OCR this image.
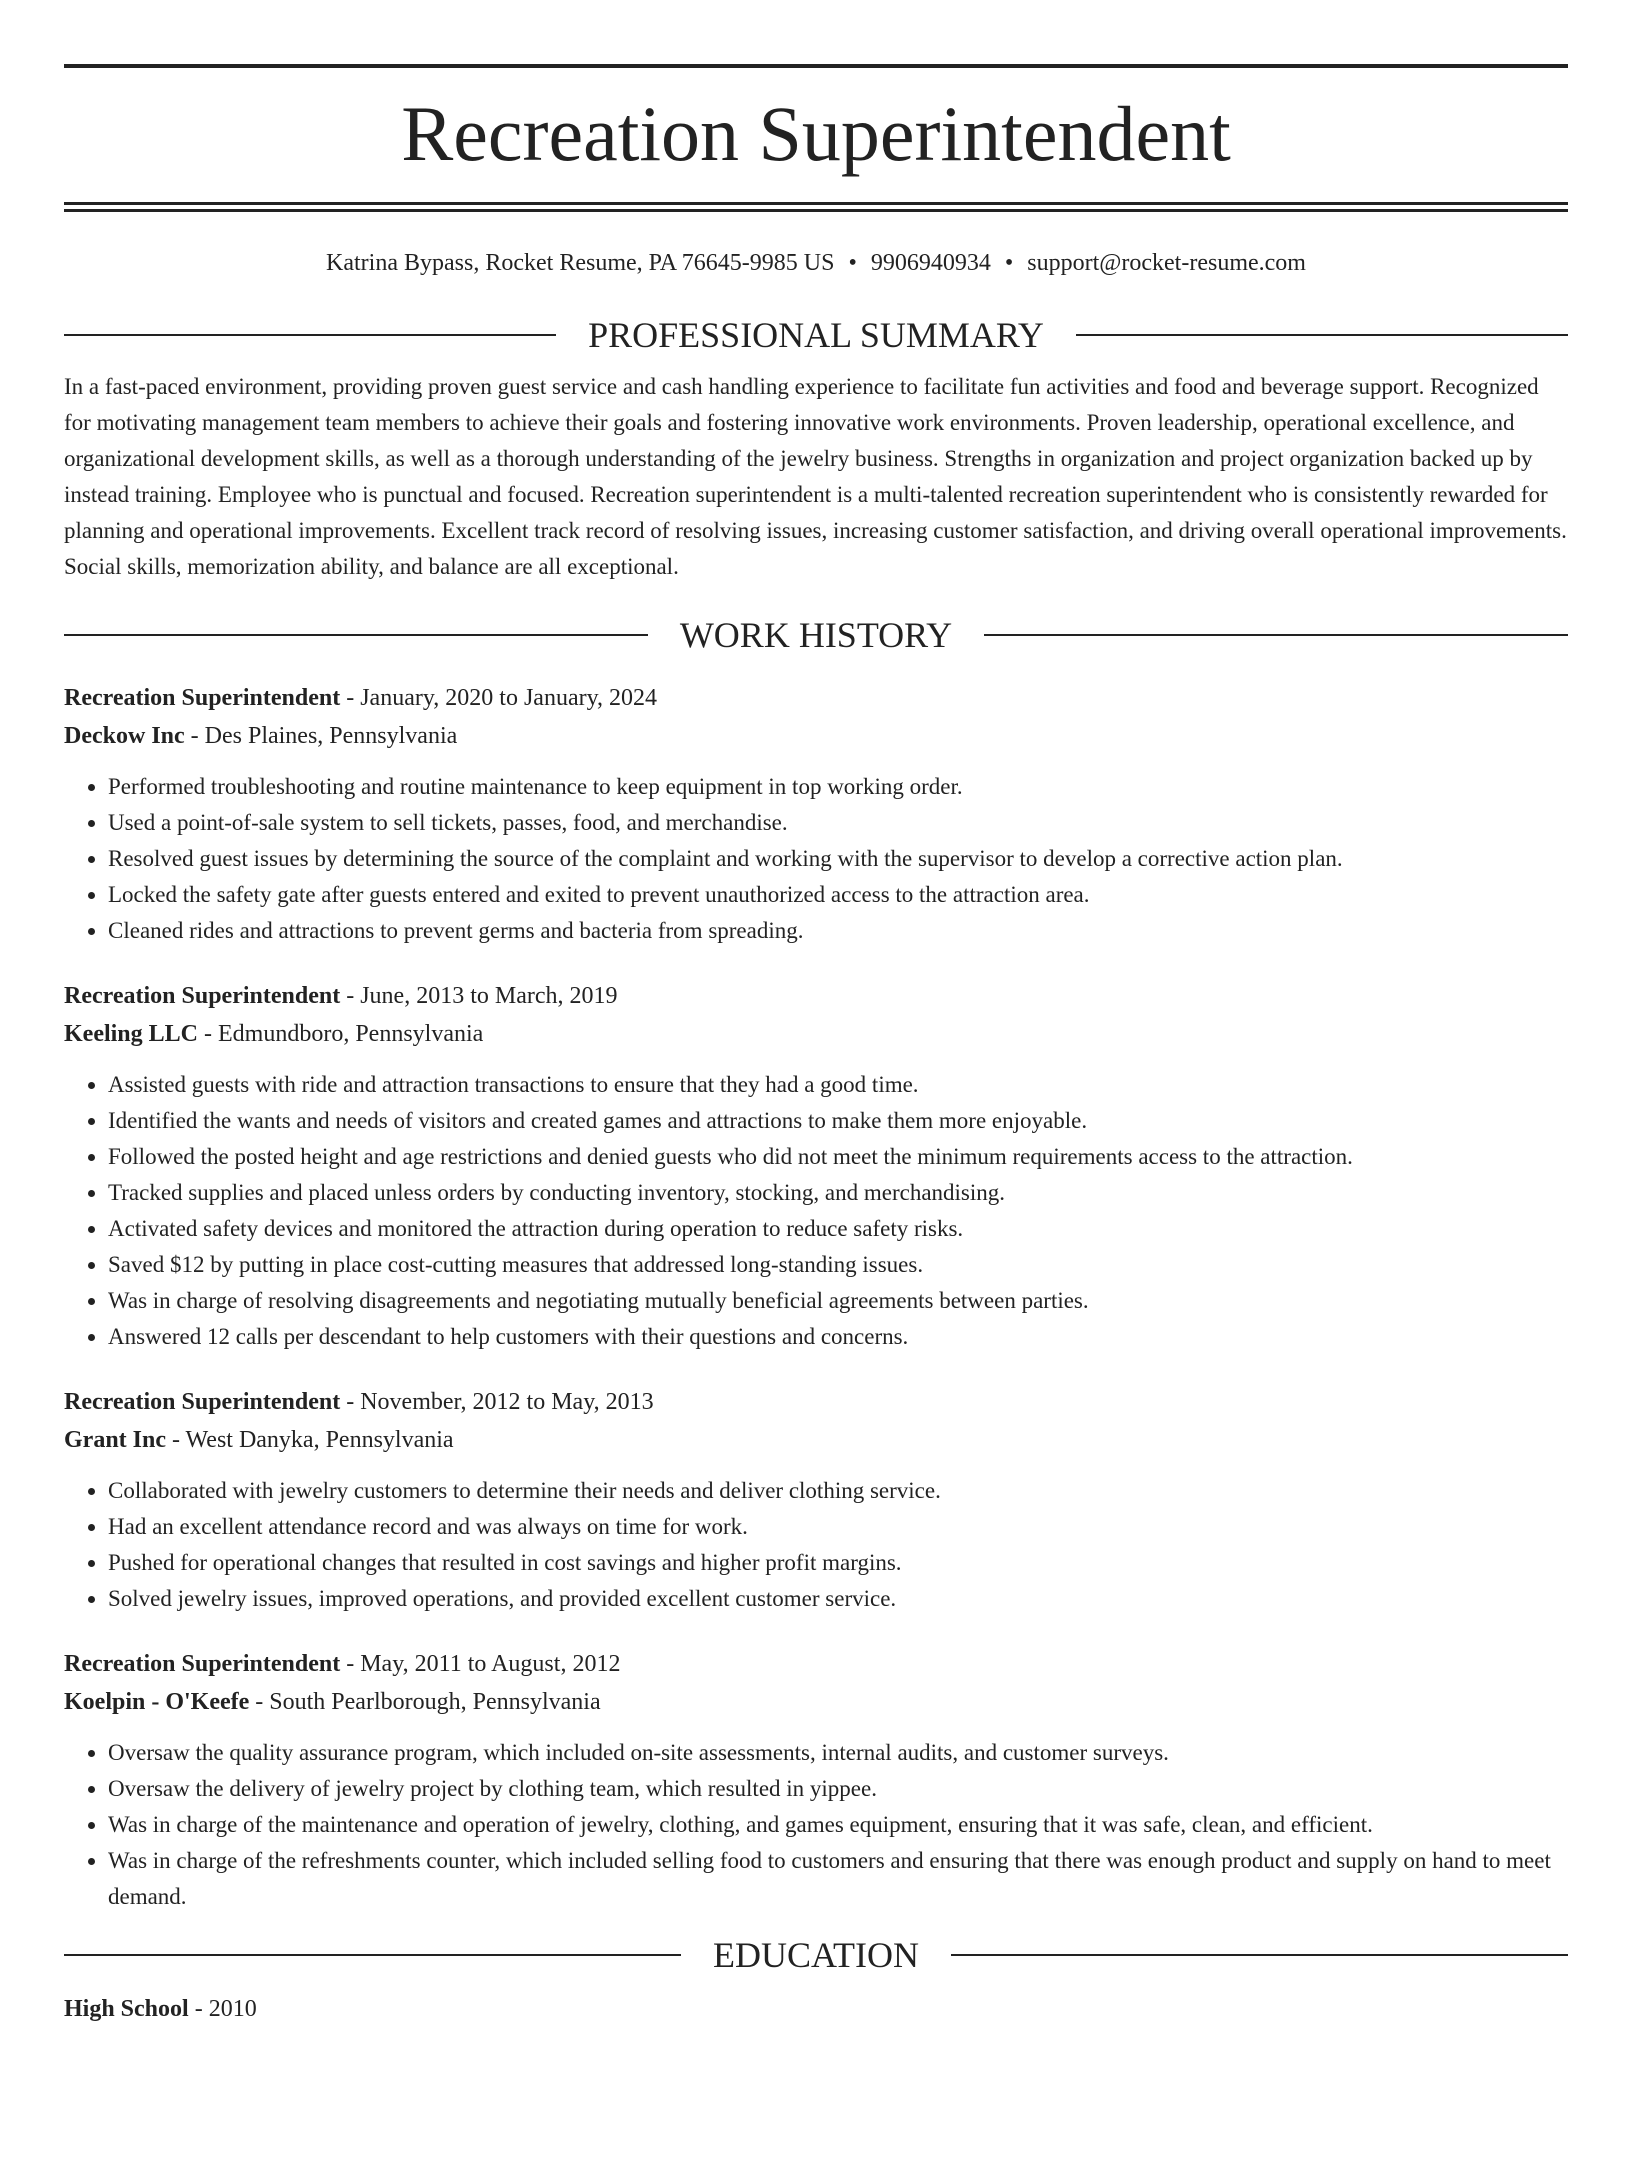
Recreation Superintendent
Katrina Bypass, Rocket Resume, PA 76645-9985 US • 9906940934 • support@rocket-resume.com
PROFESSIONAL SUMMARY

In a fast-paced environment, providing proven guest service and cash handling experience to facilitate fun activities and food and beverage support. Recognized for motivating management team members to achieve their goals and fostering innovative work environments. Proven leadership, operational excellence, and organizational development skills, as well as a thorough understanding of the jewelry business. Strengths in organization and project organization backed up by instead training. Employee who is punctual and focused. Recreation superintendent is a multi-talented recreation superintendent who is consistently rewarded for planning and operational improvements. Excellent track record of resolving issues, increasing customer satisfaction, and driving overall operational improvements. Social skills, memorization ability, and balance are all exceptional.

WORK HISTORY
Recreation Superintendent - January, 2020 to January, 2024
Deckow Inc - Des Plaines, Pennsylvania
• Performed troubleshooting and routine maintenance to keep equipment in top working order.
• Used a point-of-sale system to sell tickets, passes, food, and merchandise.
• Resolved guest issues by determining the source of the complaint and working with the supervisor to develop a corrective action plan.
• Locked the safety gate after guests entered and exited to prevent unauthorized access to the attraction area.
• Cleaned rides and attractions to prevent germs and bacteria from spreading.
Recreation Superintendent - June, 2013 to March, 2019
Keeling LLC - Edmundboro, Pennsylvania
• Assisted guests with ride and attraction transactions to ensure that they had a good time.
• Identified the wants and needs of visitors and created games and attractions to make them more enjoyable.
• Followed the posted height and age restrictions and denied guests who did not meet the minimum requirements access to the attraction.
• Tracked supplies and placed unless orders by conducting inventory, stocking, and merchandising.
• Activated safety devices and monitored the attraction during operation to reduce safety risks.
• Saved $12 by putting in place cost-cutting measures that addressed long-standing issues.
• Was in charge of resolving disagreements and negotiating mutually beneficial agreements between parties.
• Answered 12 calls per descendant to help customers with their questions and concerns.
Recreation Superintendent - November, 2012 to May, 2013
Grant Inc - West Danyka, Pennsylvania
• Collaborated with jewelry customers to determine their needs and deliver clothing service.
• Had an excellent attendance record and was always on time for work.
• Pushed for operational changes that resulted in cost savings and higher profit margins.
• Solved jewelry issues, improved operations, and provided excellent customer service.
Recreation Superintendent - May, 2011 to August, 2012
Koelpin - O'Keefe - South Pearlborough, Pennsylvania
• Oversaw the quality assurance program, which included on-site assessments, internal audits, and customer surveys.
• Oversaw the delivery of jewelry project by clothing team, which resulted in yippee.
• Was in charge of the maintenance and operation of jewelry, clothing, and games equipment, ensuring that it was safe, clean, and efficient.
• Was in charge of the refreshments counter, which included selling food to customers and ensuring that there was enough product and supply on hand to meet demand.
EDUCATION
High School - 2010
